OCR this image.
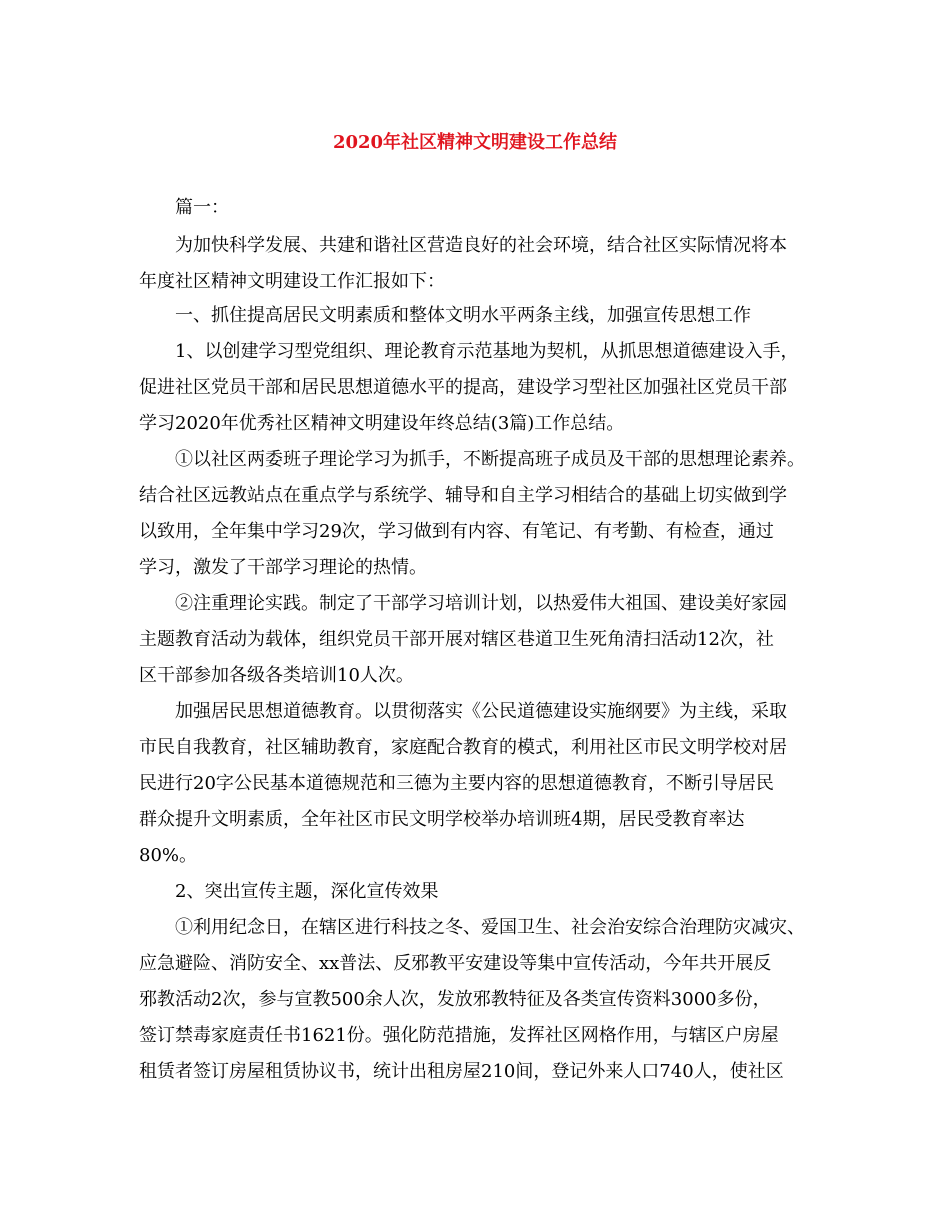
2020年社区精神文明建设工作总结
篇一：
为加快科学发展、共建和谐社区营造良好的社会环境，结合社区实际情况将本
年度社区精神文明建设工作汇报如下：
一、抓住提高居民文明素质和整体文明水平两条主线，加强宣传思想工作
1、以创建学习型党组织、理论教育示范基地为契机，从抓思想道德建设入手，
促进社区党员干部和居民思想道德水平的提高，建设学习型社区加强社区党员干部
学习2020年优秀社区精神文明建设年终总结(3篇)工作总结。
①以社区两委班子理论学习为抓手，不断提高班子成员及干部的思想理论素养。
结合社区远教站点在重点学与系统学、辅导和自主学习相结合的基础上切实做到学
以致用，全年集中学习29次，学习做到有内容、有笔记、有考勤、有检查，通过
学习，激发了干部学习理论的热情。
②注重理论实践。制定了干部学习培训计划，以热爱伟大祖国、建设美好家园
主题教育活动为载体，组织党员干部开展对辖区巷道卫生死角清扫活动12次，社
区干部参加各级各类培训10人次。
加强居民思想道德教育。以贯彻落实《公民道德建设实施纲要》为主线，采取
市民自我教育，社区辅助教育，家庭配合教育的模式，利用社区市民文明学校对居
民进行20字公民基本道德规范和三德为主要内容的思想道德教育，不断引导居民
群众提升文明素质，全年社区市民文明学校举办培训班4期，居民受教育率达
80%。
2、突出宣传主题，深化宣传效果
①利用纪念日，在辖区进行科技之冬、爱国卫生、社会治安综合治理防灾减灾、
应急避险、消防安全、xx普法、反邪教平安建设等集中宣传活动，今年共开展反
邪教活动2次，参与宣教500余人次，发放邪教特征及各类宣传资料3000多份，
签订禁毒家庭责任书1621份。强化防范措施，发挥社区网格作用，与辖区户房屋
租赁者签订房屋租赁协议书，统计出租房屋210间，登记外来人口740人，使社区
